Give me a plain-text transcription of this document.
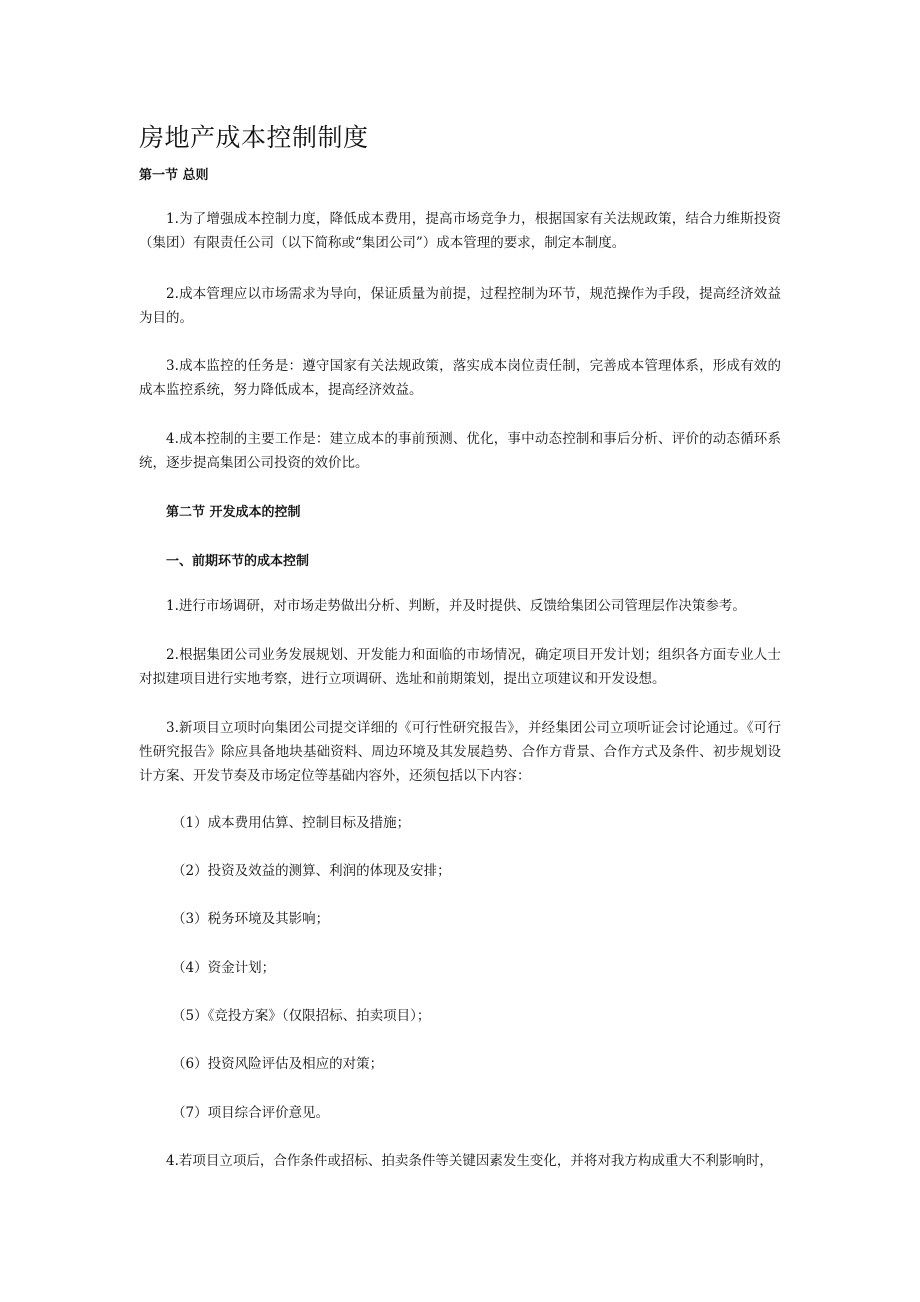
房地产成本控制制度
第一节 总则

1.为了增强成本控制力度，降低成本费用，提高市场竞争力，根据国家有关法规政策，结合力维斯投资（集团）有限责任公司（以下简称或“集团公司”）成本管理的要求，制定本制度。

2.成本管理应以市场需求为导向，保证质量为前提，过程控制为环节，规范操作为手段，提高经济效益为目的。

3.成本监控的任务是：遵守国家有关法规政策，落实成本岗位责任制，完善成本管理体系，形成有效的成本监控系统，努力降低成本，提高经济效益。

4.成本控制的主要工作是：建立成本的事前预测、优化，事中动态控制和事后分析、评价的动态循环系统，逐步提高集团公司投资的效价比。

第二节 开发成本的控制
一、前期环节的成本控制

1.进行市场调研，对市场走势做出分析、判断，并及时提供、反馈给集团公司管理层作决策参考。

2.根据集团公司业务发展规划、开发能力和面临的市场情况，确定项目开发计划；组织各方面专业人士对拟建项目进行实地考察，进行立项调研、选址和前期策划，提出立项建议和开发设想。

3.新项目立项时向集团公司提交详细的《可行性研究报告》，并经集团公司立项听证会讨论通过。《可行性研究报告》除应具备地块基础资料、周边环境及其发展趋势、合作方背景、合作方式及条件、初步规划设计方案、开发节奏及市场定位等基础内容外，还须包括以下内容：

（1）成本费用估算、控制目标及措施；
（2）投资及效益的测算、利润的体现及安排；
（3）税务环境及其影响；
（4）资金计划；
（5）《竞投方案》（仅限招标、拍卖项目）；
（6）投资风险评估及相应的对策；
（7）项目综合评价意见。

4.若项目立项后，合作条件或招标、拍卖条件等关键因素发生变化，并将对我方构成重大不利影响时，
